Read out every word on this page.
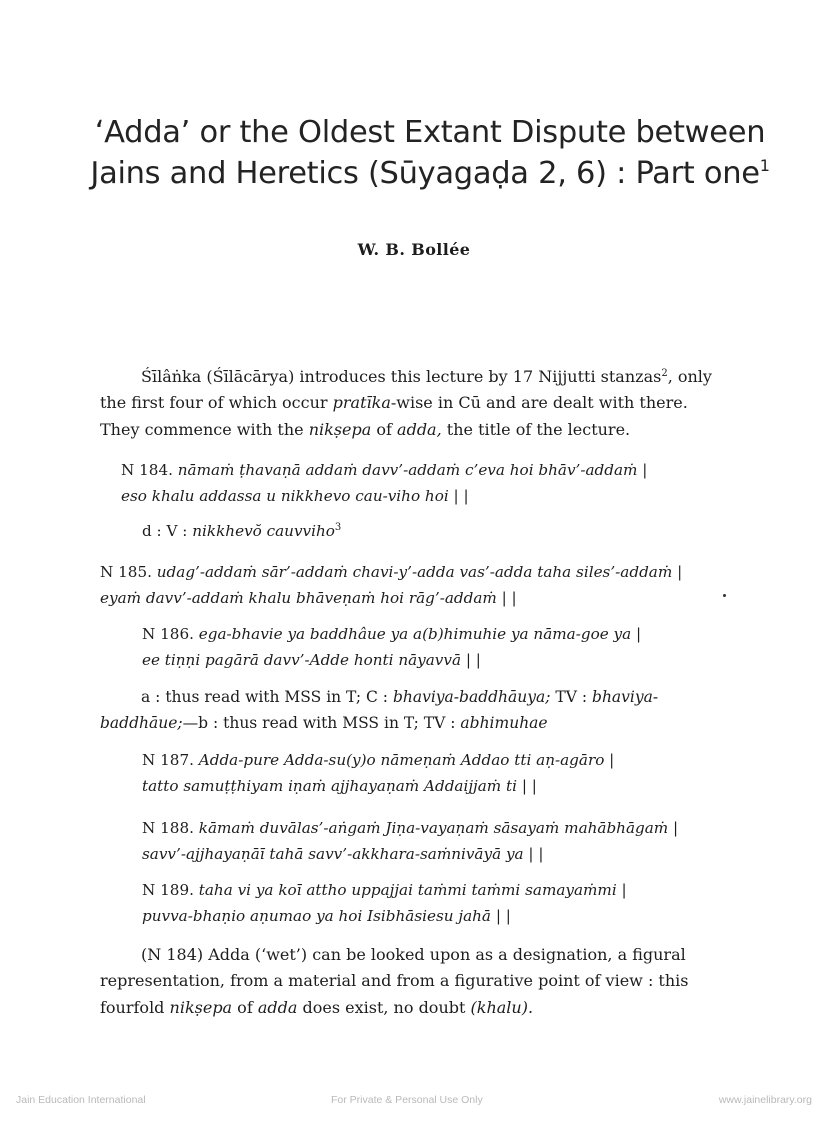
‘Adda’ or the Oldest Extant Dispute between
Jains and Heretics (Sūyagaḍa 2, 6) : Part one$^1$
W. B. Bollée
Śīlâṅka (Śīlācārya) introduces this lecture by 17 Nijjutti stanzas$^2$, only
the first four of which occur pratīka-wise in Cū and are dealt with there.
They commence with the nikṣepa of adda, the title of the lecture.
N 184. nāmaṁ ṭhavaṇā addaṁ davv’-addaṁ c’eva hoi bhāv’-addaṁ |
eso khalu addassa u nikkhevo cau-viho hoi | |
d : V : nikkhevŏ cauvviho$^3$
N 185. udag’-addaṁ sār’-addaṁ chavi-y’-adda vas’-adda taha siles’-addaṁ |
eyaṁ davv’-addaṁ khalu bhāveṇaṁ hoi rāg’-addaṁ | |
N 186. ega-bhavie ya baddhâue ya a(b)himuhie ya nāma-goe ya |
ee tiṇṇi pagārā davv’-Adde honti nāyavvā | |
a : thus read with MSS in T; C : bhaviya-baddhāuya; TV : bhaviya-
baddhāue;—b : thus read with MSS in T; TV : abhimuhae
N 187. Adda-pure Adda-su(y)o nāmeṇaṁ Addao tti aṇ-agāro |
tatto samuṭṭhiyam iṇaṁ ajjhayaṇaṁ Addaijjaṁ ti | |
N 188. kāmaṁ duvālas’-aṅgaṁ Jiṇa-vayaṇaṁ sāsayaṁ mahābhāgaṁ |
savv’-ajjhayaṇāī tahā savv’-akkhara-saṁnivāyā ya | |
N 189. taha vi ya koī attho uppajjai taṁmi taṁmi samayaṁmi |
puvva-bhaṇio aṇumao ya hoi Isibhāsiesu jahā | |
(N 184) Adda (‘wet’) can be looked upon as a designation, a figural
representation, from a material and from a figurative point of view : this
fourfold nikṣepa of adda does exist, no doubt (khalu).
Jain Education International	For Private & Personal Use Only	www.jainelibrary.org
